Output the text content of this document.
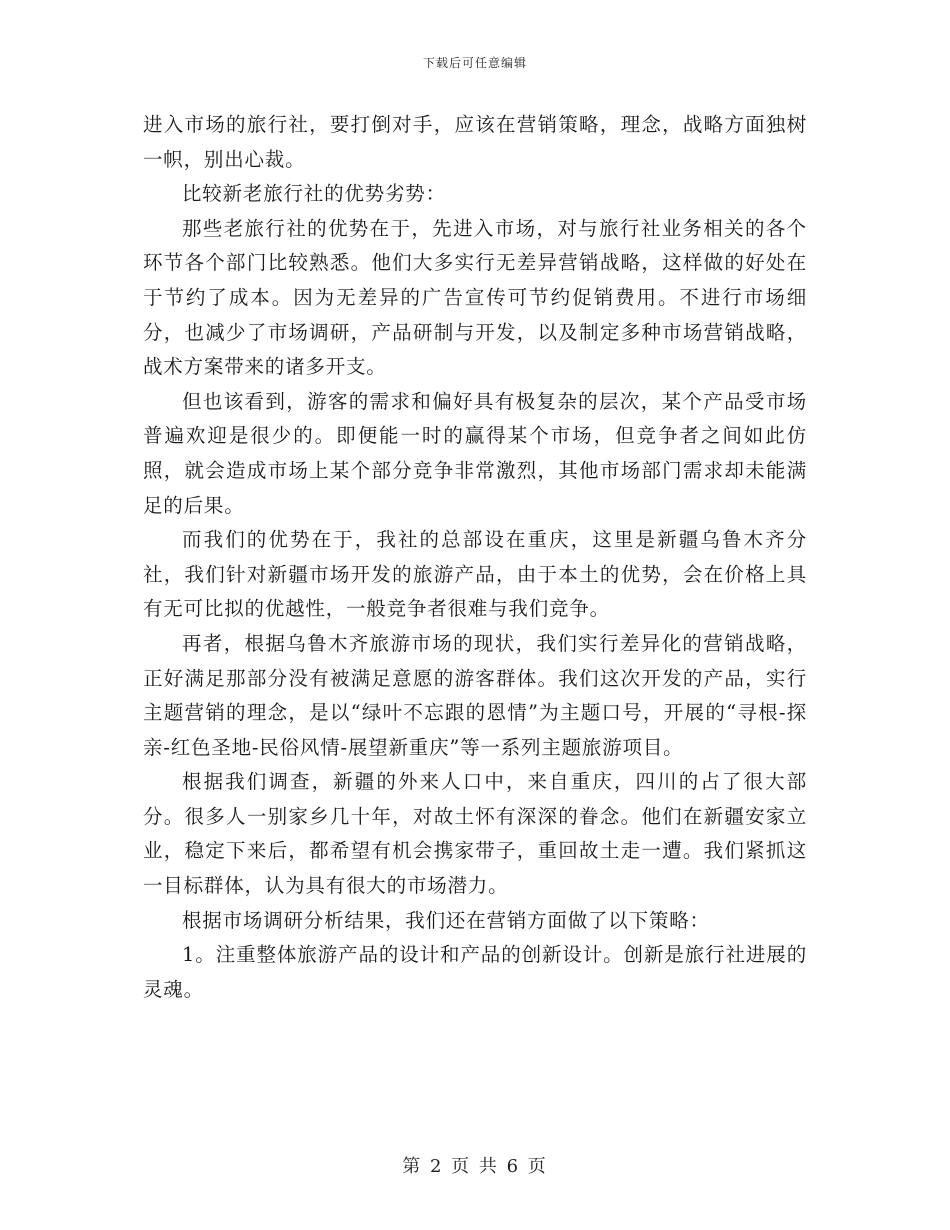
下载后可任意编辑

进入市场的旅行社，要打倒对手，应该在营销策略，理念，战略方面独树一帜，别出心裁。

比较新老旅行社的优势劣势：

那些老旅行社的优势在于，先进入市场，对与旅行社业务相关的各个环节各个部门比较熟悉。他们大多实行无差异营销战略，这样做的好处在于节约了成本。因为无差异的广告宣传可节约促销费用。不进行市场细分，也减少了市场调研，产品研制与开发，以及制定多种市场营销战略，战术方案带来的诸多开支。

但也该看到，游客的需求和偏好具有极复杂的层次，某个产品受市场普遍欢迎是很少的。即便能一时的赢得某个市场，但竞争者之间如此仿照，就会造成市场上某个部分竞争非常激烈，其他市场部门需求却未能满足的后果。

而我们的优势在于，我社的总部设在重庆，这里是新疆乌鲁木齐分社，我们针对新疆市场开发的旅游产品，由于本土的优势，会在价格上具有无可比拟的优越性，一般竞争者很难与我们竞争。

再者，根据乌鲁木齐旅游市场的现状，我们实行差异化的营销战略，正好满足那部分没有被满足意愿的游客群体。我们这次开发的产品，实行主题营销的理念，是以“绿叶不忘跟的恩情”为主题口号，开展的“寻根-探亲-红色圣地-民俗风情-展望新重庆”等一系列主题旅游项目。

根据我们调查，新疆的外来人口中，来自重庆，四川的占了很大部分。很多人一别家乡几十年，对故土怀有深深的眷念。他们在新疆安家立业，稳定下来后，都希望有机会携家带子，重回故土走一遭。我们紧抓这一目标群体，认为具有很大的市场潜力。

根据市场调研分析结果，我们还在营销方面做了以下策略：

1。注重整体旅游产品的设计和产品的创新设计。创新是旅行社进展的灵魂。

第 2 页 共 6 页
